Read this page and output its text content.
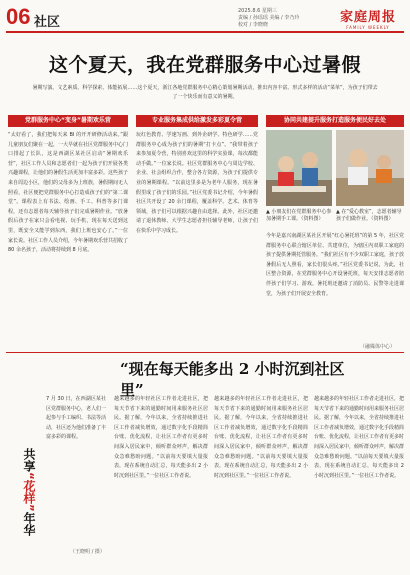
06 社区
2025.8.6 星期三
责编 / 孙瑶瑶 美编 / 李乃玲
校对 / 李晓晓	家庭周报
FAMILY WEEKLY
这个夏天，我在党群服务中心过暑假
暑期写演、文艺素质、科学探索、体能拓展……这个夏天，浙江各地党群服务中心精心策划暑期活动，推出内容丰富、形式多样的活动“菜单”，为孩子们带去了一个快乐而有意义的暑期。
党群服务中心“变身”暑期欢乐营
“太好看了，我们把每天来 BI 的开开研修活动来。”跟儿童朋友们聚在一起，一大早就在社区党群服务中心门口排起了长队，这是西湖区某社区启动“暑期欢乐营”，社区工作人员和志愿者们一起为孩子们开展各类兴趣课程，让他们的暑假生活更加丰富多彩。这些孩子来自周边小区，他们的父母多为上班族，暑假期间无人照看，社区便把党群服务中心打造成孩子们的“第二课堂”。课程表上有书法、绘画、手工、科普等多门课程，还有志愿者每天辅导孩子们完成暑期作业。“放暑假后孩子在家只会看电视、玩手机，现在每天送到这里，既安全又能学到东西，我们上班也安心了。”一位家长说。社区工作人员介绍，今年暑期欢乐营共招收了 80 余名孩子，活动将持续到 8 月底。
专业服务集成供给激发多彩夏令营
玩红色教育、学速写画、到外企研学、特色研学……党群服务中心成为孩子们的暑期“打卡点”。“我带着孩子来参加夏令营，特别喜欢这里的科学实验课，每次都能动手做。”一位家长说。社区党群服务中心与周边学校、企业、社会组织合作，整合各方资源，为孩子们提供专业的暑期课程。“以前这里多是为老年人服务，现在暑假里成了孩子们的乐园。”社区党委书记介绍，今年暑假社区共开设了 20 余门课程，覆盖科学、艺术、体育等领域，孩子们可以根据兴趣自由选择。此外，社区还邀请了退休教师、大学生志愿者担任辅导老师，让孩子们在快乐中学习成长。
协同共建提升服务打造服务便民好去处
▲ 小朋友们在党群服务中心参加暑期手工课。（资料图）
▲ 在“爱心教室”，志愿者辅导孩子们做作业。（资料图）
今年是嘉兴南湖区某社区开展“红心暑托班”的第 5 年，社区党群服务中心联合辖区单位、共建单位，为辖区内双职工家庭的孩子提供暑期托管服务。“我们社区有不少双职工家庭，孩子放暑假后无人照看，家长们很头疼。”社区党委书记说，为此，社区整合资源，在党群服务中心开设暑托班，每天安排志愿者陪伴孩子们学习、游戏。暑托班还邀请了消防员、民警等走进课堂，为孩子们开展安全教育。
（融媒体中心）
“现在每天能多出 2 小时沉到社区里”
共享“花样”年华
7 月 30 日，在西湖区某社区党群服务中心，老人们一起参与手工编织、书法等活动，社区还为他们准备了丰富多彩的课程。
（王晓明 / 摄）
越来越多的年轻社区工作者走进社区，把每天节省下来的通勤时间用来服务社区居民。据了解，今年以来，全省持续推进社区工作者减负增效，通过数字化手段精简台账、优化流程，让社区工作者有更多时间深入居民家中，倾听群众呼声，解决群众急难愁盼问题。“以前每天要填大量报表，现在系统自动汇总，每天能多出 2 小时沉到社区里。”一位社区工作者说。
越来越多的年轻社区工作者走进社区，把每天节省下来的通勤时间用来服务社区居民。据了解，今年以来，全省持续推进社区工作者减负增效，通过数字化手段精简台账、优化流程，让社区工作者有更多时间深入居民家中，倾听群众呼声，解决群众急难愁盼问题。“以前每天要填大量报表，现在系统自动汇总，每天能多出 2 小时沉到社区里。”一位社区工作者说。
越来越多的年轻社区工作者走进社区，把每天节省下来的通勤时间用来服务社区居民。据了解，今年以来，全省持续推进社区工作者减负增效，通过数字化手段精简台账、优化流程，让社区工作者有更多时间深入居民家中，倾听群众呼声，解决群众急难愁盼问题。“以前每天要填大量报表，现在系统自动汇总，每天能多出 2 小时沉到社区里。”一位社区工作者说。
